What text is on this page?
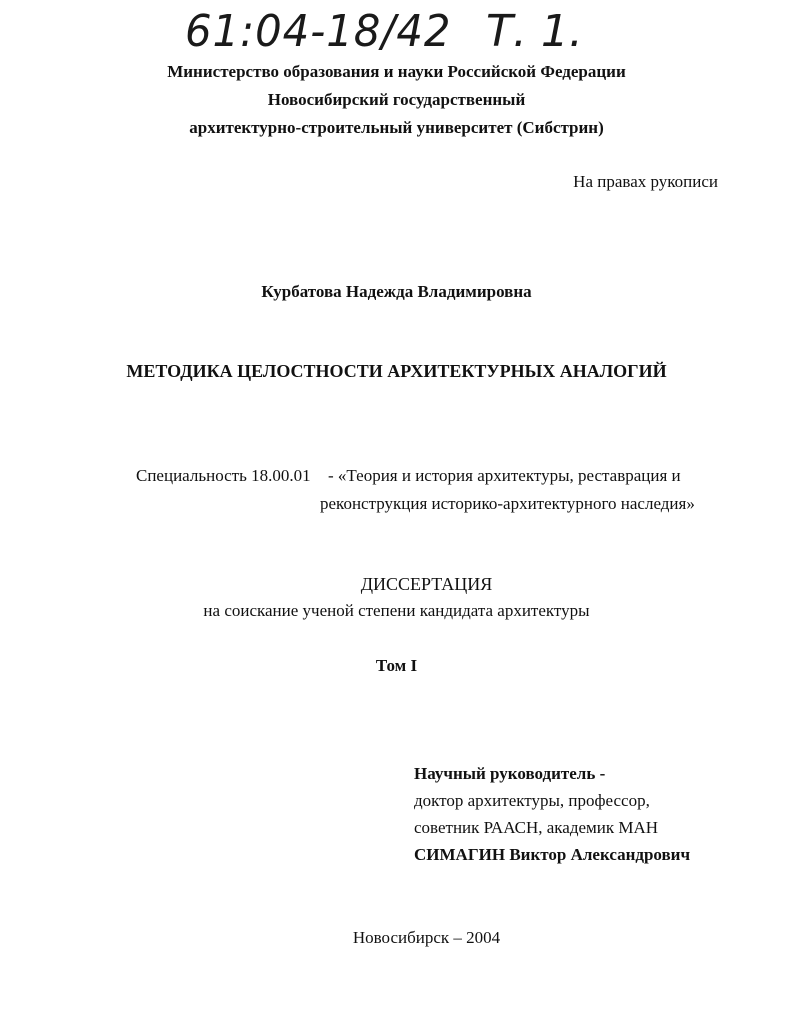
61:04-18/42 Т. 1.
Министерство образования и науки Российской Федерации
Новосибирский государственный
архитектурно-строительный университет (Сибстрин)
На правах рукописи
Курбатова Надежда Владимировна
МЕТОДИКА ЦЕЛОСТНОСТИ АРХИТЕКТУРНЫХ АНАЛОГИЙ
Специальность 18.00.01 - «Теория и история архитектуры, реставрация и
реконструкция историко-архитектурного наследия»
ДИССЕРТАЦИЯ
на соискание ученой степени кандидата архитектуры
Том I
Научный руководитель -
доктор архитектуры, профессор,
советник РААСН, академик МАН
СИМАГИН Виктор Александрович
Новосибирск – 2004
